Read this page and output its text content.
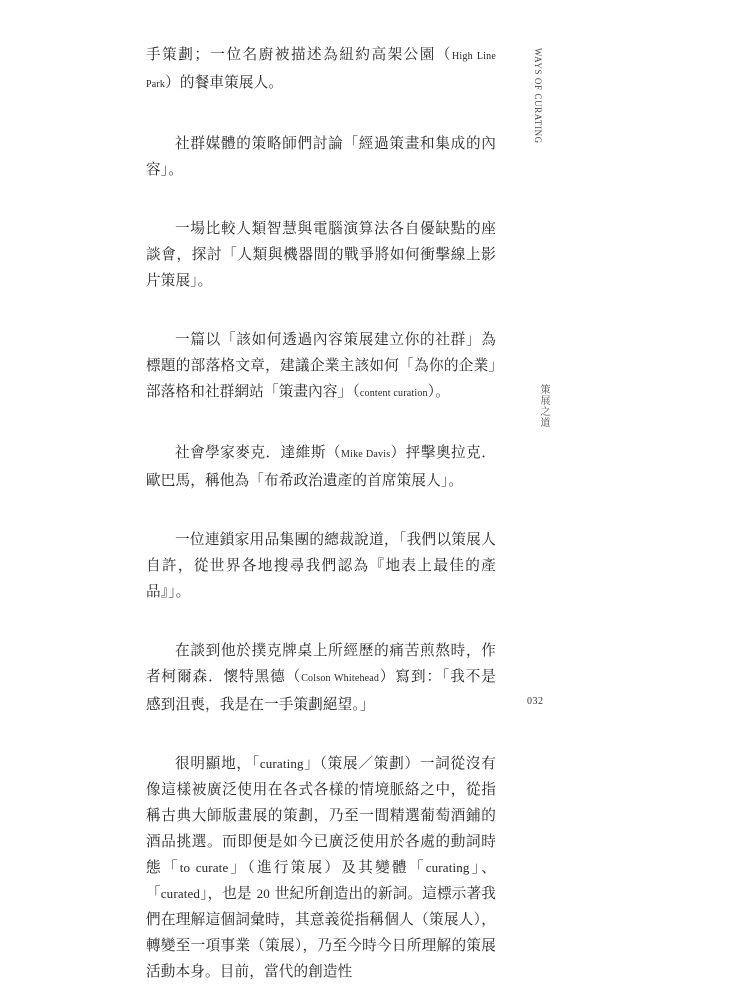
手策劃；一位名廚被描述為紐約高架公園（High Line Park）的餐車策展人。

社群媒體的策略師們討論「經過策畫和集成的內容」。

一場比較人類智慧與電腦演算法各自優缺點的座談會，探討「人類與機器間的戰爭將如何衝擊線上影片策展」。

一篇以「該如何透過內容策展建立你的社群」為標題的部落格文章，建議企業主該如何「為你的企業」部落格和社群網站「策畫內容」（content curation）。

社會學家麥克．達維斯（Mike Davis）抨擊奧拉克．歐巴馬，稱他為「布希政治遺產的首席策展人」。

一位連鎖家用品集團的總裁說道，「我們以策展人自許，從世界各地搜尋我們認為『地表上最佳的產品』」。

在談到他於撲克牌桌上所經歷的痛苦煎熬時，作者柯爾森．懷特黑德（Colson Whitehead）寫到：「我不是感到沮喪，我是在一手策劃絕望。」

很明顯地，「curating」（策展／策劃）一詞從沒有像這樣被廣泛使用在各式各樣的情境脈絡之中，從指稱古典大師版畫展的策劃，乃至一間精選葡萄酒鋪的酒品挑選。而即便是如今已廣泛使用於各處的動詞時態「to curate」（進行策展）及其變體「curating」、「curated」，也是 20 世紀所創造出的新詞。這標示著我們在理解這個詞彙時，其意義從指稱個人（策展人），轉變至一項事業（策展），乃至今時今日所理解的策展活動本身。目前，當代的創造性

WAYS OF CURATING
策展之道
032
